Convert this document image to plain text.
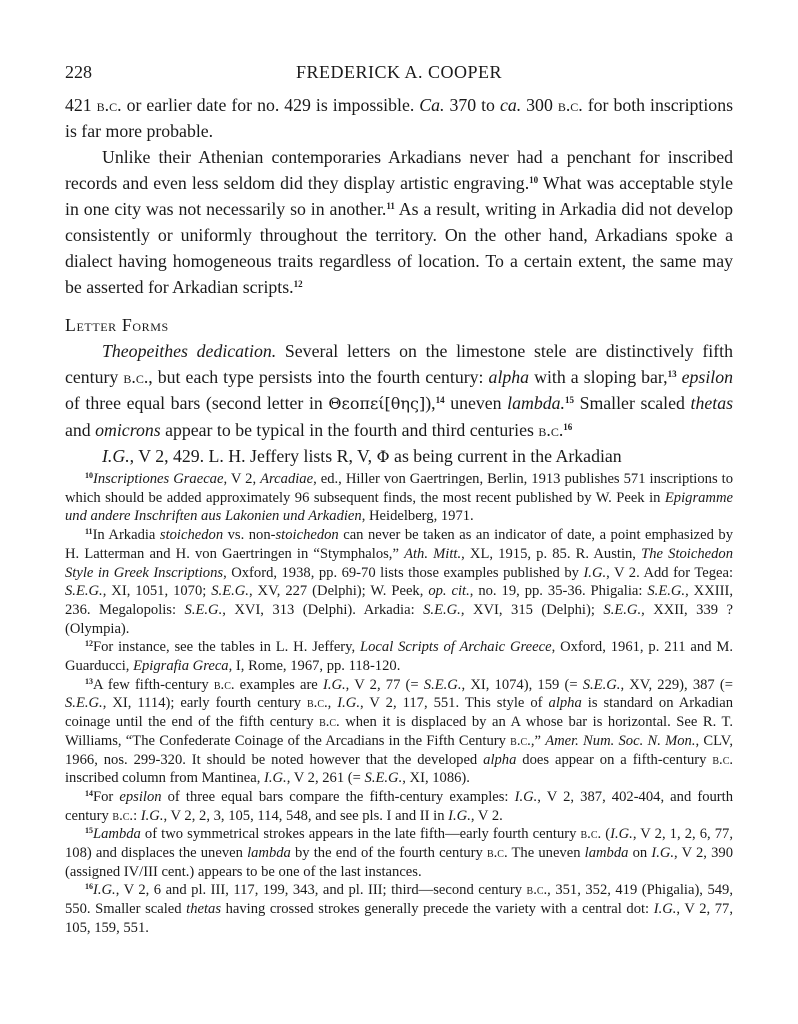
228	FREDERICK A. COOPER

421 b.c. or earlier date for no. 429 is impossible. Ca. 370 to ca. 300 b.c. for both inscriptions is far more probable.

Unlike their Athenian contemporaries Arkadians never had a penchant for inscribed records and even less seldom did they display artistic engraving.$^{10}$ What was acceptable style in one city was not necessarily so in another.$^{11}$ As a result, writing in Arkadia did not develop consistently or uniformly throughout the territory. On the other hand, Arkadians spoke a dialect having homogeneous traits regardless of location. To a certain extent, the same may be asserted for Arkadian scripts.$^{12}$

Letter Forms

Theopeithes dedication. Several letters on the limestone stele are distinctively fifth century b.c., but each type persists into the fourth century: alpha with a sloping bar,$^{13}$ epsilon of three equal bars (second letter in Θεοπεί[θης]),$^{14}$ uneven lambda.$^{15}$ Smaller scaled thetas and omicrons appear to be typical in the fourth and third centuries b.c.$^{16}$

I.G., V 2, 429. L. H. Jeffery lists R, V, Φ as being current in the Arkadian

$^{10}$Inscriptiones Graecae, V 2, Arcadiae, ed., Hiller von Gaertringen, Berlin, 1913 publishes 571 inscriptions to which should be added approximately 96 subsequent finds, the most recent published by W. Peek in Epigramme und andere Inschriften aus Lakonien und Arkadien, Heidelberg, 1971.

$^{11}$In Arkadia stoichedon vs. non-stoichedon can never be taken as an indicator of date, a point emphasized by H. Latterman and H. von Gaertringen in “Stymphalos,” Ath. Mitt., XL, 1915, p. 85. R. Austin, The Stoichedon Style in Greek Inscriptions, Oxford, 1938, pp. 69-70 lists those examples published by I.G., V 2. Add for Tegea: S.E.G., XI, 1051, 1070; S.E.G., XV, 227 (Delphi); W. Peek, op. cit., no. 19, pp. 35-36. Phigalia: S.E.G., XXIII, 236. Megalopolis: S.E.G., XVI, 313 (Delphi). Arkadia: S.E.G., XVI, 315 (Delphi); S.E.G., XXII, 339 ? (Olympia).

$^{12}$For instance, see the tables in L. H. Jeffery, Local Scripts of Archaic Greece, Oxford, 1961, p. 211 and M. Guarducci, Epigrafia Greca, I, Rome, 1967, pp. 118-120.

$^{13}$A few fifth-century b.c. examples are I.G., V 2, 77 (= S.E.G., XI, 1074), 159 (= S.E.G., XV, 229), 387 (= S.E.G., XI, 1114); early fourth century b.c., I.G., V 2, 117, 551. This style of alpha is standard on Arkadian coinage until the end of the fifth century b.c. when it is displaced by an A whose bar is horizontal. See R. T. Williams, “The Confederate Coinage of the Arcadians in the Fifth Century b.c.,” Amer. Num. Soc. N. Mon., CLV, 1966, nos. 299-320. It should be noted however that the developed alpha does appear on a fifth-century b.c. inscribed column from Mantinea, I.G., V 2, 261 (= S.E.G., XI, 1086).

$^{14}$For epsilon of three equal bars compare the fifth-century examples: I.G., V 2, 387, 402-404, and fourth century b.c.: I.G., V 2, 2, 3, 105, 114, 548, and see pls. I and II in I.G., V 2.

$^{15}$Lambda of two symmetrical strokes appears in the late fifth—early fourth century b.c. (I.G., V 2, 1, 2, 6, 77, 108) and displaces the uneven lambda by the end of the fourth century b.c. The uneven lambda on I.G., V 2, 390 (assigned IV/III cent.) appears to be one of the last instances.

$^{16}$I.G., V 2, 6 and pl. III, 117, 199, 343, and pl. III; third—second century b.c., 351, 352, 419 (Phigalia), 549, 550. Smaller scaled thetas having crossed strokes generally precede the variety with a central dot: I.G., V 2, 77, 105, 159, 551.
